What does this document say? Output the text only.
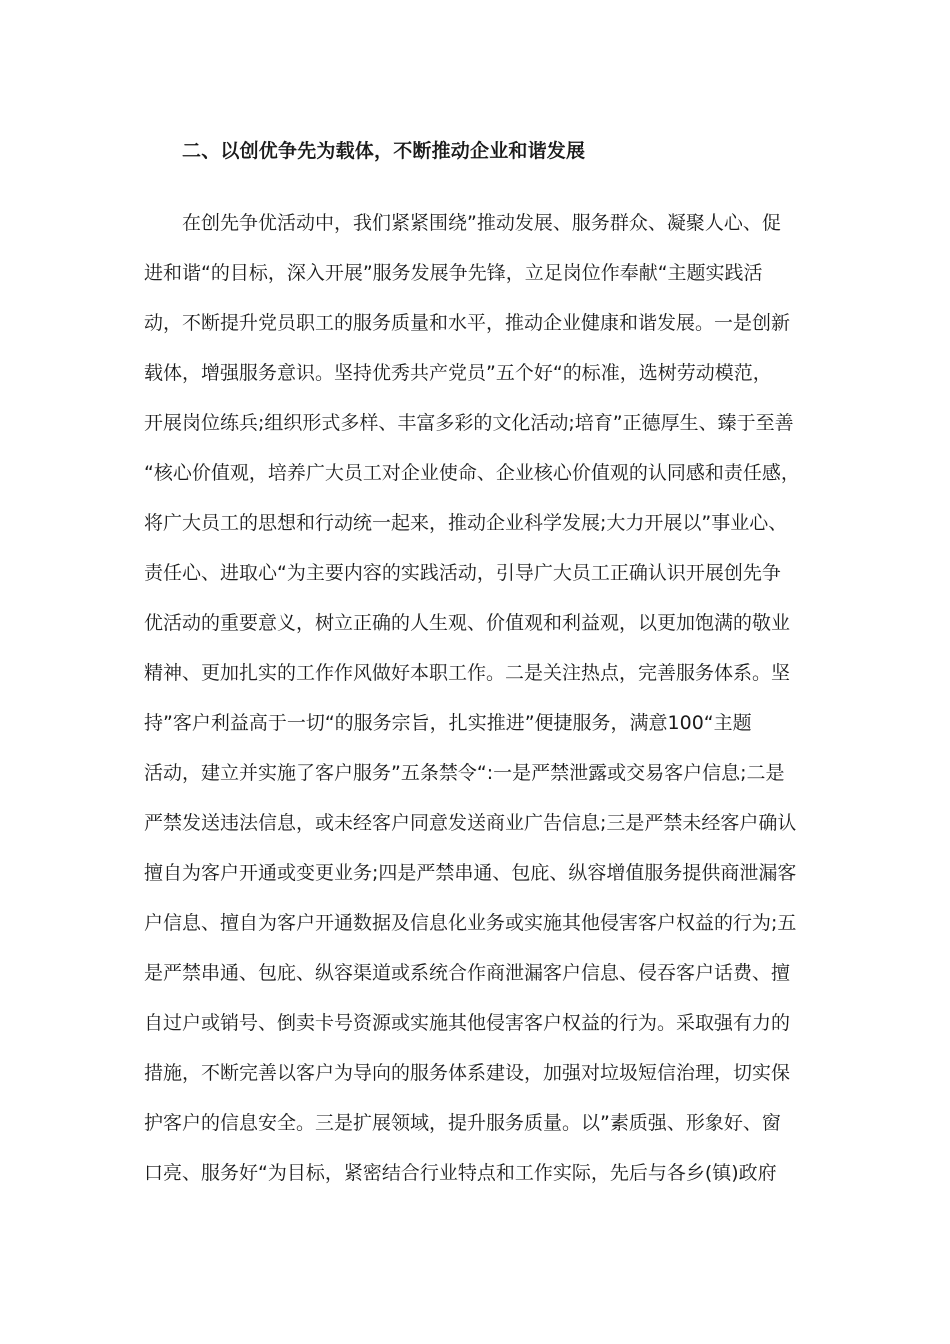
二、以创优争先为载体，不断推动企业和谐发展
在创先争优活动中，我们紧紧围绕”推动发展、服务群众、凝聚人心、促
进和谐“的目标，深入开展”服务发展争先锋，立足岗位作奉献“主题实践活
动，不断提升党员职工的服务质量和水平，推动企业健康和谐发展。一是创新
载体，增强服务意识。坚持优秀共产党员”五个好“的标准，选树劳动模范，
开展岗位练兵;组织形式多样、丰富多彩的文化活动;培育”正德厚生、臻于至善
“核心价值观，培养广大员工对企业使命、企业核心价值观的认同感和责任感，
将广大员工的思想和行动统一起来，推动企业科学发展;大力开展以”事业心、
责任心、进取心“为主要内容的实践活动，引导广大员工正确认识开展创先争
优活动的重要意义，树立正确的人生观、价值观和利益观，以更加饱满的敬业
精神、更加扎实的工作作风做好本职工作。二是关注热点，完善服务体系。坚
持”客户利益高于一切“的服务宗旨，扎实推进”便捷服务，满意100“主题
活动，建立并实施了客户服务”五条禁令“:一是严禁泄露或交易客户信息;二是
严禁发送违法信息，或未经客户同意发送商业广告信息;三是严禁未经客户确认
擅自为客户开通或变更业务;四是严禁串通、包庇、纵容增值服务提供商泄漏客
户信息、擅自为客户开通数据及信息化业务或实施其他侵害客户权益的行为;五
是严禁串通、包庇、纵容渠道或系统合作商泄漏客户信息、侵吞客户话费、擅
自过户或销号、倒卖卡号资源或实施其他侵害客户权益的行为。采取强有力的
措施，不断完善以客户为导向的服务体系建设，加强对垃圾短信治理，切实保
护客户的信息安全。三是扩展领域，提升服务质量。以”素质强、形象好、窗
口亮、服务好“为目标，紧密结合行业特点和工作实际，先后与各乡(镇)政府
